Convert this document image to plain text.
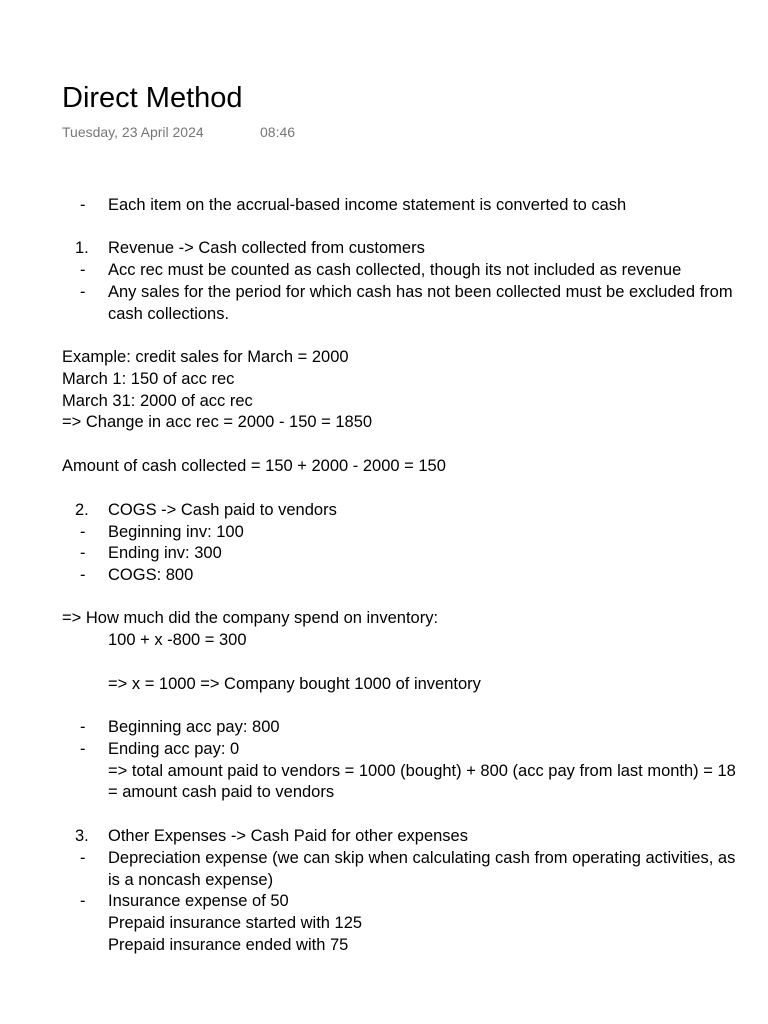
Direct Method
Tuesday, 23 April 2024	08:46
- Each item on the accrual-based income statement is converted to cash
1. Revenue -> Cash collected from customers
- Acc rec must be counted as cash collected, though its not included as revenue
- Any sales for the period for which cash has not been collected must be excluded from
cash collections.
Example: credit sales for March = 2000
March 1: 150 of acc rec
March 31: 2000 of acc rec
=> Change in acc rec = 2000 - 150 = 1850
Amount of cash collected = 150 + 2000 - 2000 = 150
2. COGS -> Cash paid to vendors
- Beginning inv: 100
- Ending inv: 300
- COGS: 800
=> How much did the company spend on inventory:
100 + x -800 = 300
=> x = 1000 => Company bought 1000 of inventory
- Beginning acc pay: 800
- Ending acc pay: 0
=> total amount paid to vendors = 1000 (bought) + 800 (acc pay from last month) = 18
= amount cash paid to vendors
3. Other Expenses -> Cash Paid for other expenses
- Depreciation expense (we can skip when calculating cash from operating activities, as
is a noncash expense)
- Insurance expense of 50
Prepaid insurance started with 125
Prepaid insurance ended with 75
